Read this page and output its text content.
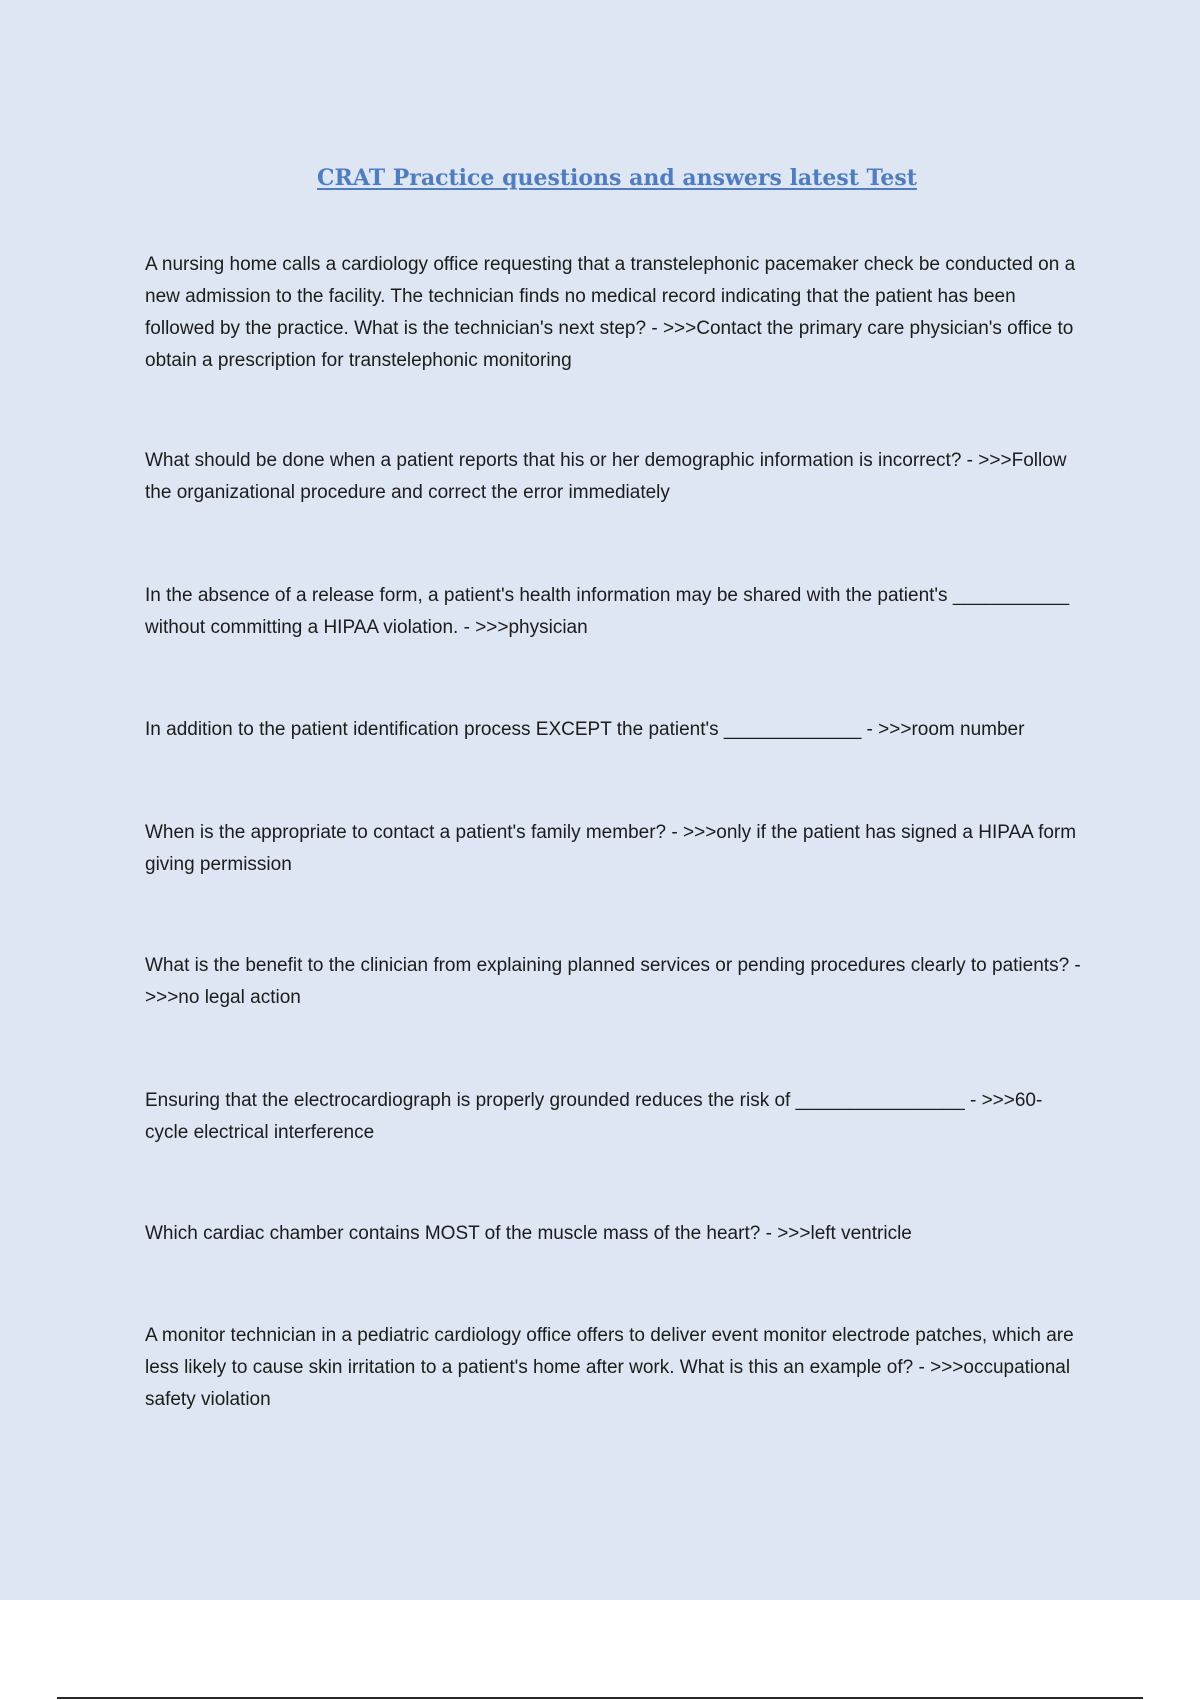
CRAT Practice questions and answers latest Test

A nursing home calls a cardiology office requesting that a transtelephonic pacemaker check be conducted on a new admission to the facility. The technician finds no medical record indicating that the patient has been followed by the practice. What is the technician's next step? - >>>Contact the primary care physician's office to obtain a prescription for transtelephonic monitoring

What should be done when a patient reports that his or her demographic information is incorrect? - >>>Follow the organizational procedure and correct the error immediately

In the absence of a release form, a patient's health information may be shared with the patient's ___________ without committing a HIPAA violation. - >>>physician

In addition to the patient identification process EXCEPT the patient's _____________ - >>>room number

When is the appropriate to contact a patient's family member? - >>>only if the patient has signed a HIPAA form giving permission

What is the benefit to the clinician from explaining planned services or pending procedures clearly to patients? - >>>no legal action

Ensuring that the electrocardiograph is properly grounded reduces the risk of ________________ - >>>60-cycle electrical interference

Which cardiac chamber contains MOST of the muscle mass of the heart? - >>>left ventricle

A monitor technician in a pediatric cardiology office offers to deliver event monitor electrode patches, which are less likely to cause skin irritation to a patient's home after work. What is this an example of? - >>>occupational safety violation
